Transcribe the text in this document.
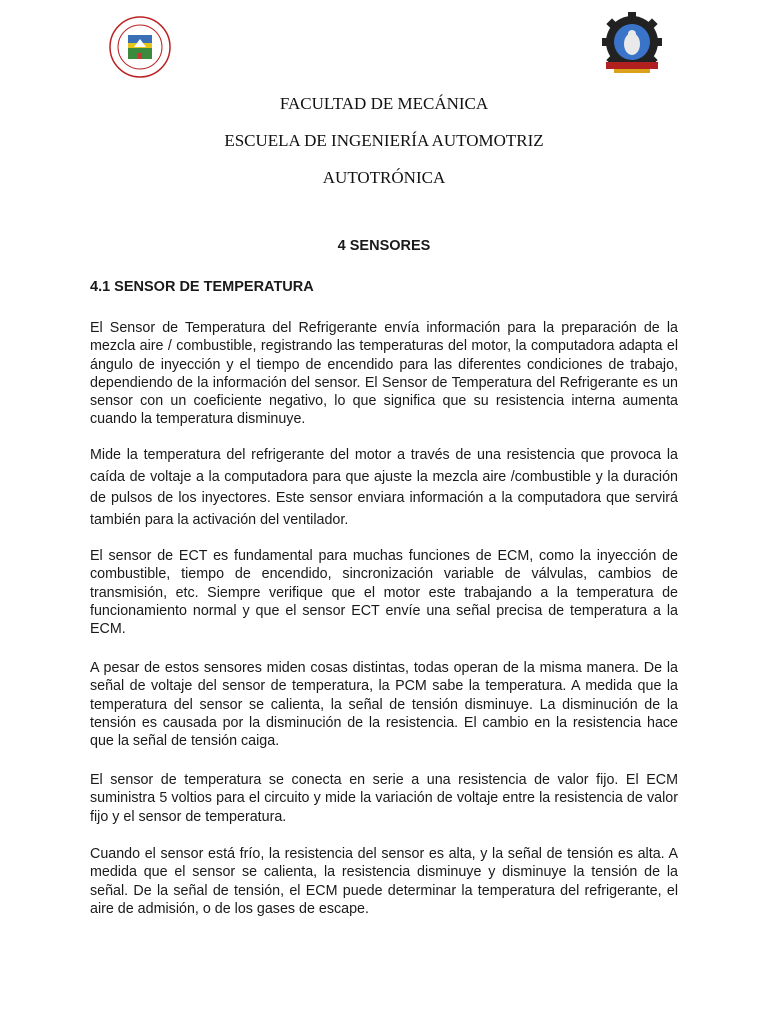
FACULTAD DE MECÁNICA
ESCUELA DE INGENIERÍA AUTOMOTRIZ
AUTOTRÓNICA
4 SENSORES
4.1 SENSOR DE TEMPERATURA

El Sensor de Temperatura del Refrigerante envía información para la preparación de la mezcla aire / combustible, registrando las temperaturas del motor, la computadora adapta el ángulo de inyección y el tiempo de encendido para las diferentes condiciones de trabajo, dependiendo de la información del sensor. El Sensor de Temperatura del Refrigerante es un sensor con un coeficiente negativo, lo que significa que su resistencia interna aumenta cuando la temperatura disminuye.

Mide la temperatura del refrigerante del motor a través de una resistencia que provoca la caída de voltaje a la computadora para que ajuste la mezcla aire /combustible y la duración de pulsos de los inyectores. Este sensor enviara información a la computadora que servirá también para la activación del ventilador.

El sensor de ECT es fundamental para muchas funciones de ECM, como la inyección de combustible, tiempo de encendido, sincronización variable de válvulas, cambios de transmisión, etc. Siempre verifique que el motor este trabajando a la temperatura de funcionamiento normal y que el sensor ECT envíe una señal precisa de temperatura a la ECM.

A pesar de estos sensores miden cosas distintas, todas operan de la misma manera. De la señal de voltaje del sensor de temperatura, la PCM sabe la temperatura. A medida que la temperatura del sensor se calienta, la señal de tensión disminuye. La disminución de la tensión es causada por la disminución de la resistencia. El cambio en la resistencia hace que la señal de tensión caiga.

El sensor de temperatura se conecta en serie a una resistencia de valor fijo. El ECM suministra 5 voltios para el circuito y mide la variación de voltaje entre la resistencia de valor fijo y el sensor de temperatura.

Cuando el sensor está frío, la resistencia del sensor es alta, y la señal de tensión es alta. A medida que el sensor se calienta, la resistencia disminuye y disminuye la tensión de la señal. De la señal de tensión, el ECM puede determinar la temperatura del refrigerante, el aire de admisión, o de los gases de escape.
